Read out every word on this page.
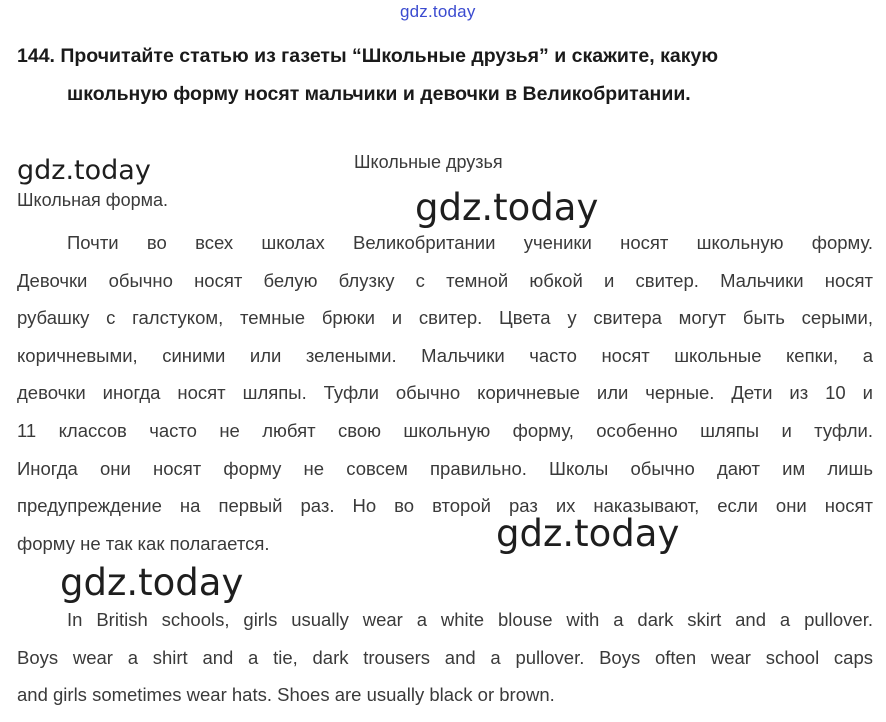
gdz.today
144. Прочитайте статью из газеты “Школьные друзья” и скажите, какую
школьную форму носят мальчики и девочки в Великобритании.
gdz.today	Школьные друзья
Школьная форма.	gdz.today
Почти во всех школах Великобритании ученики носят школьную форму.
Девочки обычно носят белую блузку с темной юбкой и свитер. Мальчики носят
рубашку с галстуком, темные брюки и свитер. Цвета у свитера могут быть серыми,
коричневыми, синими или зелеными. Мальчики часто носят школьные кепки, а
девочки иногда носят шляпы. Туфли обычно коричневые или черные. Дети из 10 и
11 классов часто не любят свою школьную форму, особенно шляпы и туфли.
Иногда они носят форму не совсем правильно. Школы обычно дают им лишь
предупреждение на первый раз. Но во второй раз их наказывают, если они носят
форму не так как полагается.	gdz.today
gdz.today
In British schools, girls usually wear a white blouse with a dark skirt and a pullover.
Boys wear a shirt and a tie, dark trousers and a pullover. Boys often wear school caps
and girls sometimes wear hats. Shoes are usually black or brown.
